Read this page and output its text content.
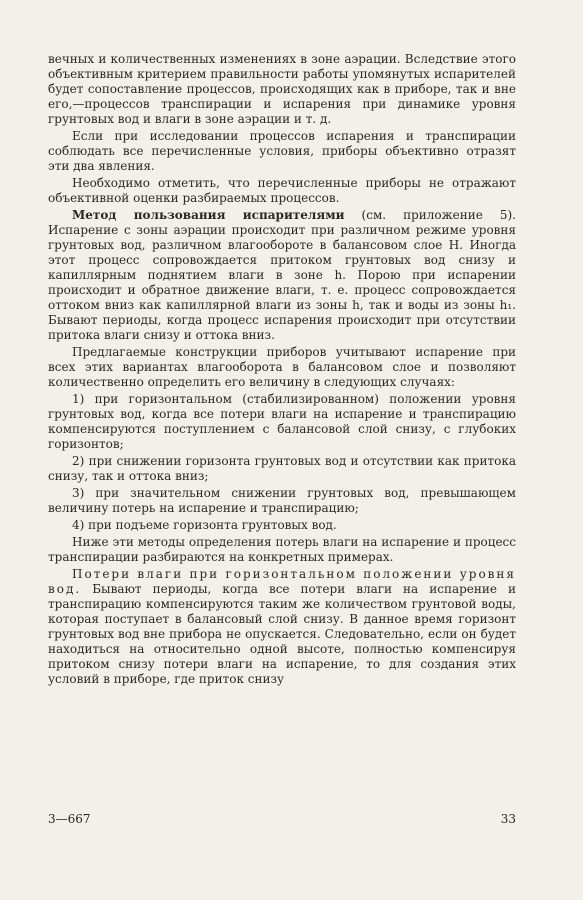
вечных и количественных изменениях в зоне аэрации. Вследствие этого объективным критерием правильности работы упомянутых испарителей будет сопоставление процессов, происходящих как в приборе, так и вне его,—процессов транспирации и испарения при динамике уровня грунтовых вод и влаги в зоне аэрации и т. д.

Если при исследовании процессов испарения и транспирации соблюдать все перечисленные условия, приборы объективно отразят эти два явления.

Необходимо отметить, что перечисленные приборы не отражают объективной оценки разбираемых процессов.

Метод пользования испарителями (см. приложение 5). Испарение с зоны аэрации происходит при различном режиме уровня грунтовых вод, различном влагообороте в балансовом слое H. Иногда этот процесс сопровождается притоком грунтовых вод снизу и капиллярным поднятием влаги в зоне h. Порою при испарении происходит и обратное движение влаги, т. е. процесс сопровождается оттоком вниз как капиллярной влаги из зоны h, так и воды из зоны h₁. Бывают периоды, когда процесс испарения происходит при отсутствии притока влаги снизу и оттока вниз.

Предлагаемые конструкции приборов учитывают испарение при всех этих вариантах влагооборота в балансовом слое и позволяют количественно определить его величину в следующих случаях:

1) при горизонтальном (стабилизированном) положении уровня грунтовых вод, когда все потери влаги на испарение и транспирацию компенсируются поступлением с балансовой слой снизу, с глубоких горизонтов;

2) при снижении горизонта грунтовых вод и отсутствии как притока снизу, так и оттока вниз;

3) при значительном снижении грунтовых вод, превышающем величину потерь на испарение и транспирацию;

4) при подъеме горизонта грунтовых вод.

Ниже эти методы определения потерь влаги на испарение и процесс транспирации разбираются на конкретных примерах.

Потери влаги при горизонтальном положении уровня вод. Бывают периоды, когда все потери влаги на испарение и транспирацию компенсируются таким же количеством грунтовой воды, которая поступает в балансовый слой снизу. В данное время горизонт грунтовых вод вне прибора не опускается. Следовательно, если он будет находиться на относительно одной высоте, полностью компенсируя притоком снизу потери влаги на испарение, то для создания этих условий в приборе, где приток снизу

3—667	33
